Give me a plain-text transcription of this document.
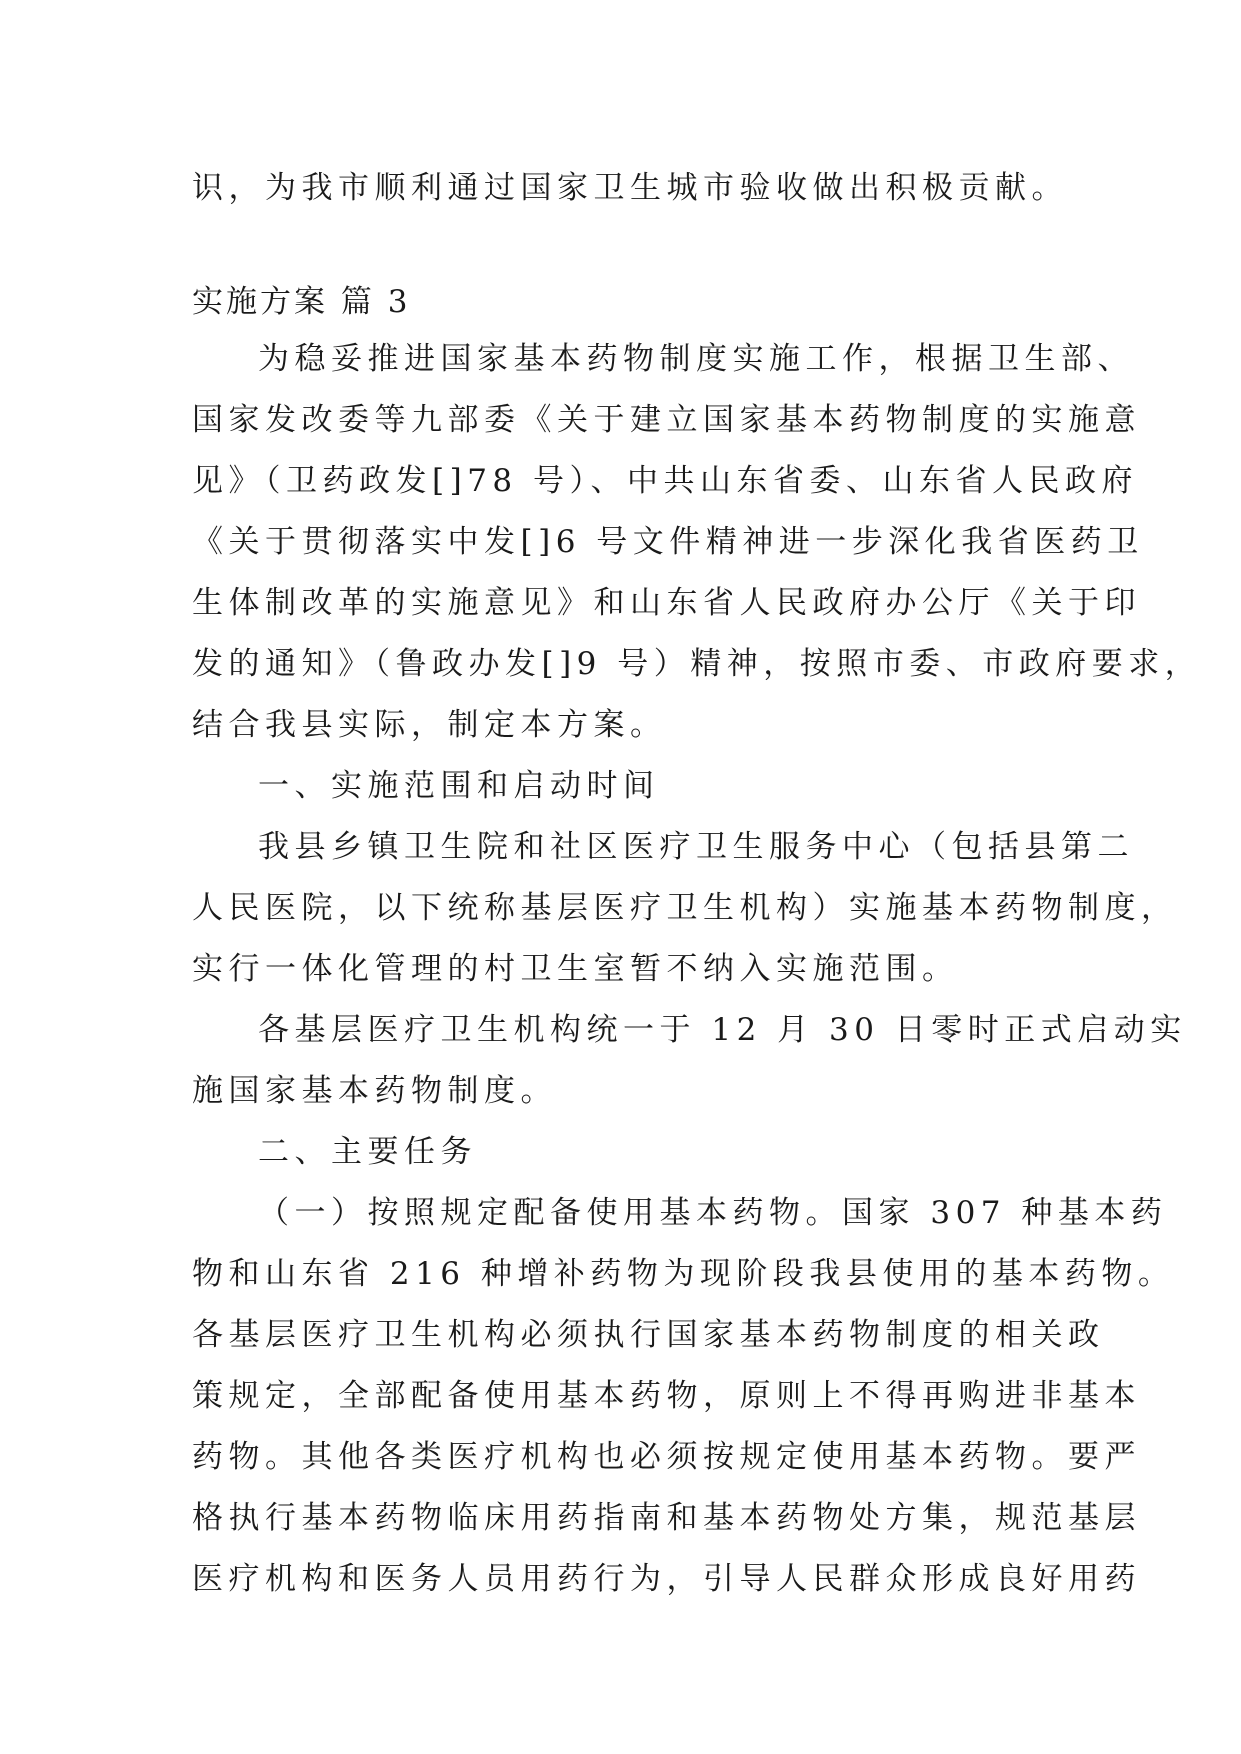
识，为我市顺利通过国家卫生城市验收做出积极贡献。
实施方案 篇 3
为稳妥推进国家基本药物制度实施工作，根据卫生部、
国家发改委等九部委《关于建立国家基本药物制度的实施意
见》（卫药政发[]78 号）、中共山东省委、山东省人民政府
《关于贯彻落实中发[]6 号文件精神进一步深化我省医药卫
生体制改革的实施意见》和山东省人民政府办公厅《关于印
发的通知》（鲁政办发[]9 号）精神，按照市委、市政府要求，
结合我县实际，制定本方案。
一、实施范围和启动时间
我县乡镇卫生院和社区医疗卫生服务中心（包括县第二
人民医院，以下统称基层医疗卫生机构）实施基本药物制度，
实行一体化管理的村卫生室暂不纳入实施范围。
各基层医疗卫生机构统一于 12 月 30 日零时正式启动实
施国家基本药物制度。
二、主要任务
（一）按照规定配备使用基本药物。国家 307 种基本药
物和山东省 216 种增补药物为现阶段我县使用的基本药物。
各基层医疗卫生机构必须执行国家基本药物制度的相关政
策规定，全部配备使用基本药物，原则上不得再购进非基本
药物。其他各类医疗机构也必须按规定使用基本药物。要严
格执行基本药物临床用药指南和基本药物处方集，规范基层
医疗机构和医务人员用药行为，引导人民群众形成良好用药
